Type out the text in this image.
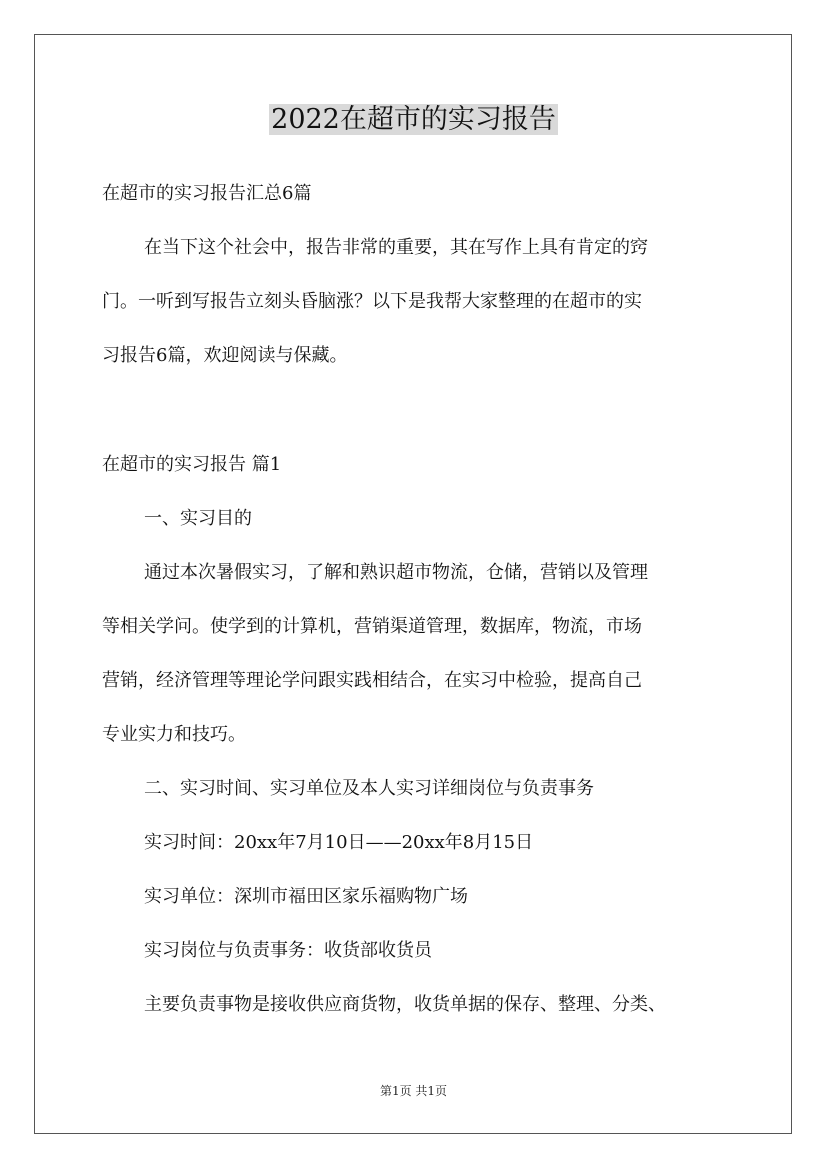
2022在超市的实习报告
在超市的实习报告汇总6篇
在当下这个社会中，报告非常的重要，其在写作上具有肯定的窍
门。一听到写报告立刻头昏脑涨？以下是我帮大家整理的在超市的实
习报告6篇，欢迎阅读与保藏。
在超市的实习报告 篇1
一、实习目的
通过本次暑假实习，了解和熟识超市物流，仓储，营销以及管理
等相关学问。使学到的计算机，营销渠道管理，数据库，物流，市场
营销，经济管理等理论学问跟实践相结合，在实习中检验，提高自己
专业实力和技巧。
二、实习时间、实习单位及本人实习详细岗位与负责事务
实习时间：20xx年7月10日——20xx年8月15日
实习单位：深圳市福田区家乐福购物广场
实习岗位与负责事务：收货部收货员
主要负责事物是接收供应商货物，收货单据的保存、整理、分类、
第1页 共1页
